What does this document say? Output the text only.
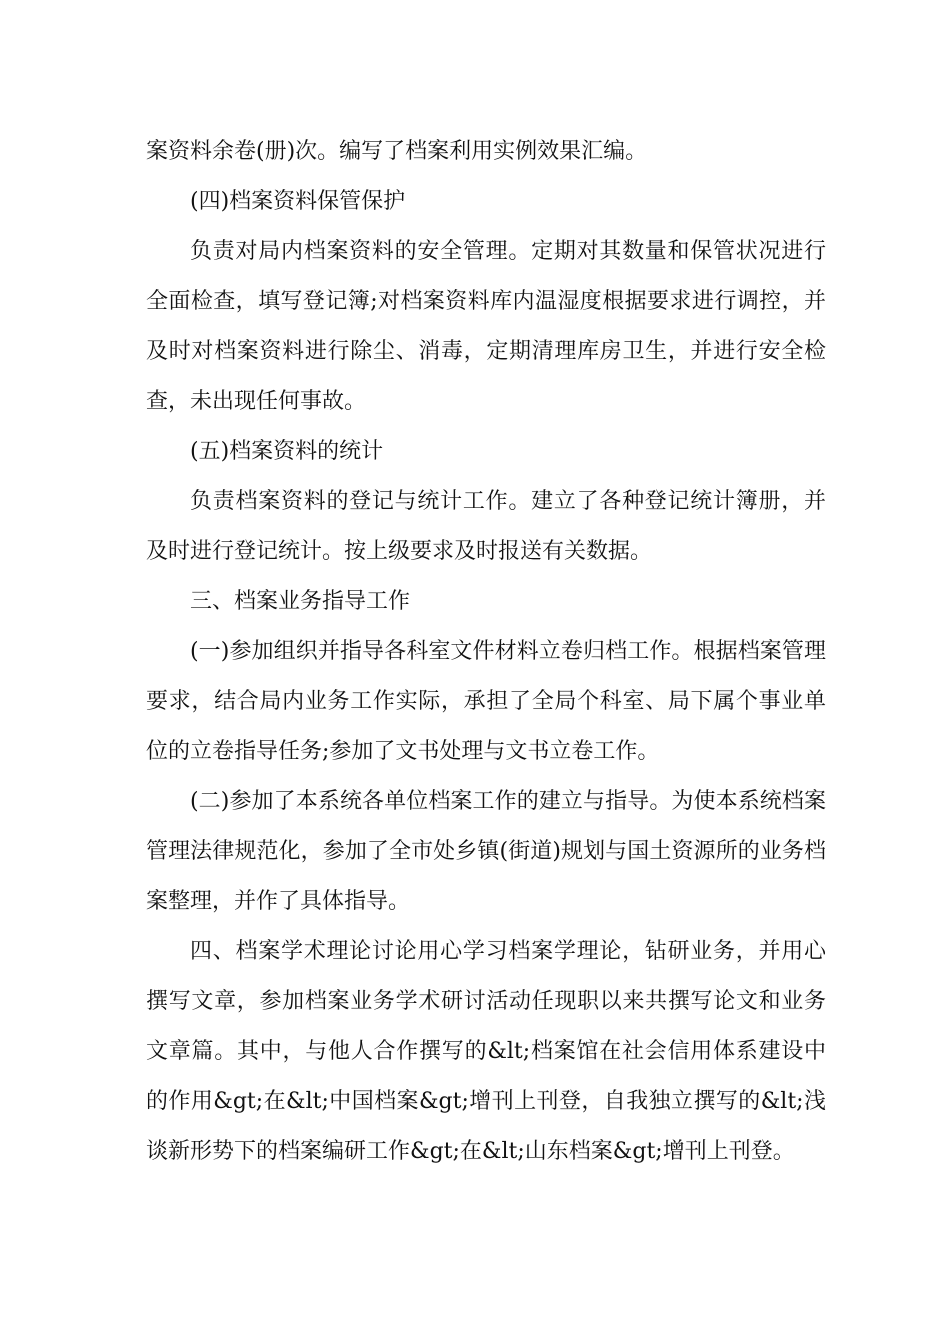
案资料余卷(册)次。编写了档案利用实例效果汇编。

(四)档案资料保管保护

负责对局内档案资料的安全管理。定期对其数量和保管状况进行全面检查，填写登记簿;对档案资料库内温湿度根据要求进行调控，并及时对档案资料进行除尘、消毒，定期清理库房卫生，并进行安全检查，未出现任何事故。

(五)档案资料的统计

负责档案资料的登记与统计工作。建立了各种登记统计簿册，并及时进行登记统计。按上级要求及时报送有关数据。

三、档案业务指导工作

(一)参加组织并指导各科室文件材料立卷归档工作。根据档案管理要求，结合局内业务工作实际，承担了全局个科室、局下属个事业单位的立卷指导任务;参加了文书处理与文书立卷工作。

(二)参加了本系统各单位档案工作的建立与指导。为使本系统档案管理法律规范化，参加了全市处乡镇(街道)规划与国土资源所的业务档案整理，并作了具体指导。

四、档案学术理论讨论用心学习档案学理论，钻研业务，并用心撰写文章，参加档案业务学术研讨活动任现职以来共撰写论文和业务文章篇。其中，与他人合作撰写的&lt;档案馆在社会信用体系建设中的作用&gt;在&lt;中国档案&gt;增刊上刊登，自我独立撰写的&lt;浅谈新形势下的档案编研工作&gt;在&lt;山东档案&gt;增刊上刊登。
